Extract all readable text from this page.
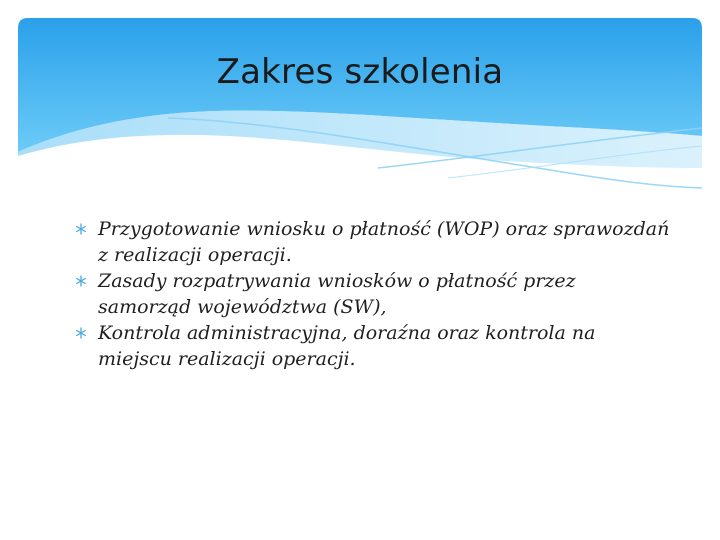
Zakres szkolenia
Przygotowanie wniosku o płatność (WOP) oraz sprawozdań z realizacji operacji.
Zasady rozpatrywania wniosków o płatność przez samorząd województwa (SW),
Kontrola administracyjna, doraźna oraz kontrola na miejscu realizacji operacji.
